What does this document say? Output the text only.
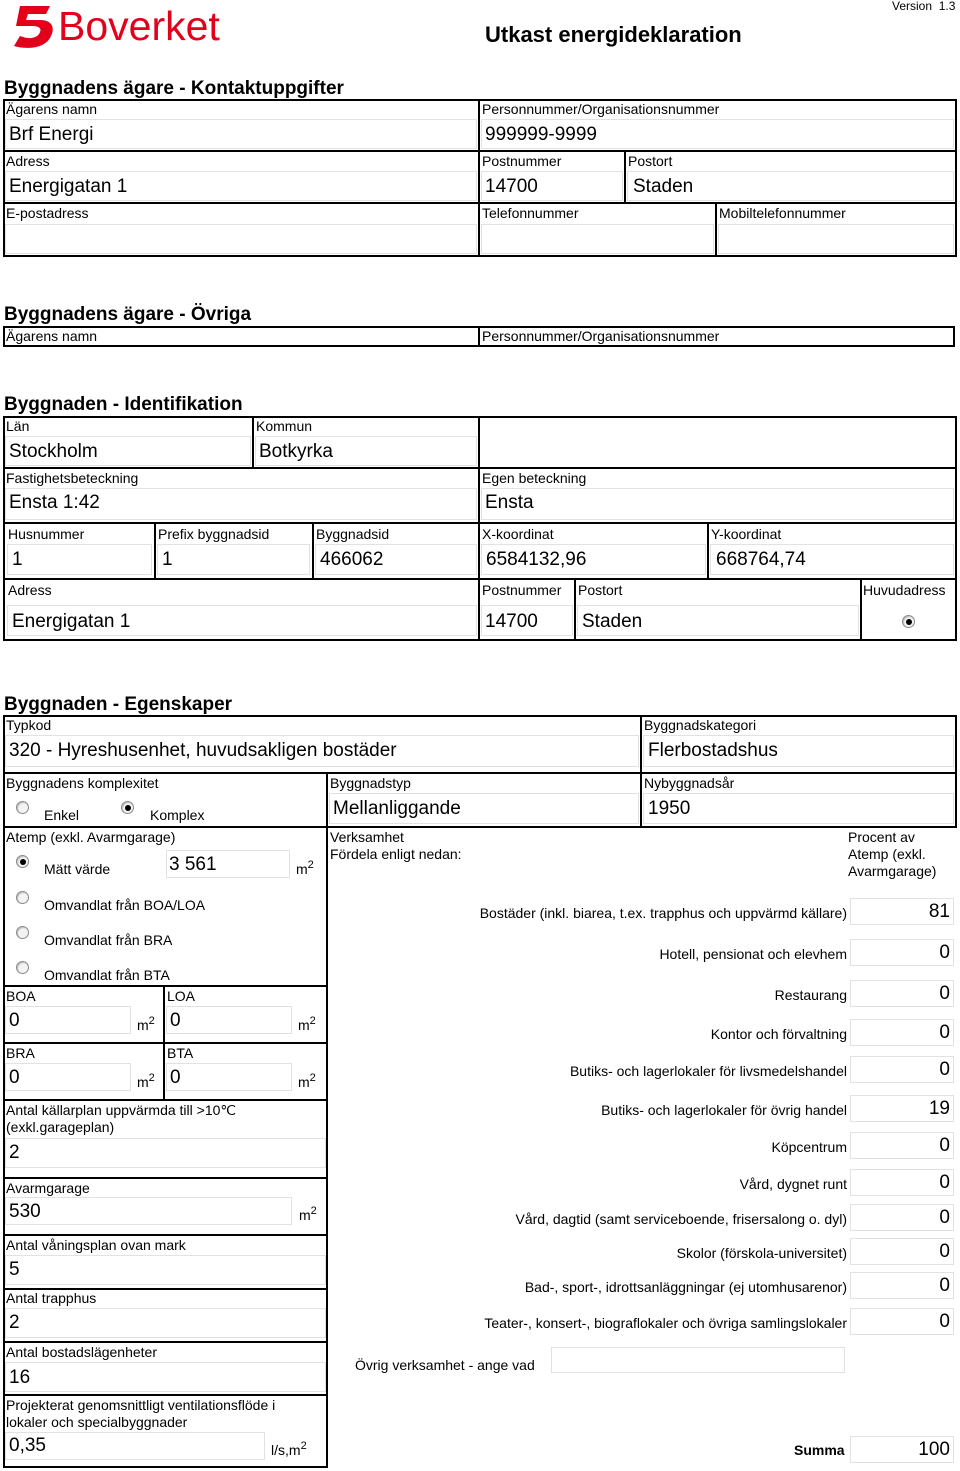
Boverket	Utkast energideklaration
Version  1.3
Byggnadens ägare - Kontaktuppgifter
Ägarens namn
Brf Energi
Personnummer/Organisationsnummer
999999-9999
Adress
Energigatan 1
Postnummer
14700
Postort
Staden
E-postadress	Telefonnummer	Mobiltelefonnummer
Byggnadens ägare - Övriga
Ägarens namn	Personnummer/Organisationsnummer
Byggnaden - Identifikation
Län
Stockholm
Kommun
Botkyrka
Fastighetsbeteckning
Ensta 1:42
Egen beteckning
Ensta
Husnummer
1
Prefix byggnadsid
1
Byggnadsid
466062
X-koordinat
6584132,96
Y-koordinat
668764,74
Adress
Energigatan 1
Postnummer
14700
Postort
Staden
Huvudadress
Byggnaden - Egenskaper
Typkod
320 - Hyreshusenhet, huvudsakligen bostäder
Byggnadskategori
Flerbostadshus
Byggnadens komplexitet
Enkel	Komplex
Byggnadstyp
Mellanliggande
Nybyggnadsår
1950
Atemp (exkl. Avarmgarage)
Mätt värde	3 561	$m^2$
Omvandlat från BOA/LOA
Omvandlat från BRA
Omvandlat från BTA
BOA
0	$m^2$
LOA
0	$m^2$
BRA
0	$m^2$
BTA
0	$m^2$
Antal källarplan uppvärmda till >10℃ (exkl.garageplan)
2
Avarmgarage
530	$m^2$
Antal våningsplan ovan mark
5
Antal trapphus
2
Antal bostadslägenheter
16
Projekterat genomsnittligt ventilationsflöde i lokaler och specialbyggnader
0,35	$l/s,m^2$
Verksamhet
Fördela enligt nedan:
Procent av Atemp (exkl. Avarmgarage)
Bostäder (inkl. biarea, t.ex. trapphus och uppvärmd källare)	81
Hotell, pensionat och elevhem	0
Restaurang	0
Kontor och förvaltning	0
Butiks- och lagerlokaler för livsmedelshandel	0
Butiks- och lagerlokaler för övrig handel	19
Köpcentrum	0
Vård, dygnet runt	0
Vård, dagtid (samt serviceboende, frisersalong o. dyl)	0
Skolor (förskola-universitet)	0
Bad-, sport-, idrottsanläggningar (ej utomhusarenor)	0
Teater-, konsert-, biograflokaler och övriga samlingslokaler	0
Övrig verksamhet - ange vad
Summa	100
